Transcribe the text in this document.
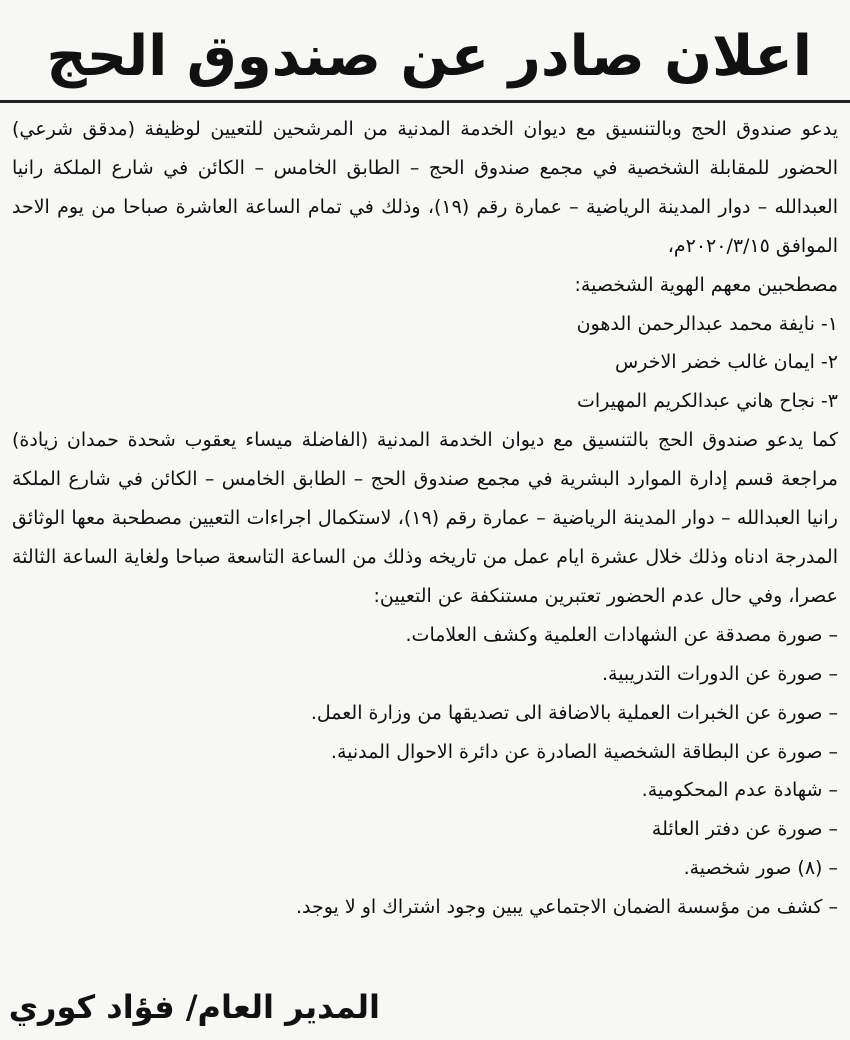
اعلان صادر عن صندوق الحج

يدعو صندوق الحج وبالتنسيق مع ديوان الخدمة المدنية من المرشحين للتعيين لوظيفة (مدقق شرعي) الحضور للمقابلة الشخصية في مجمع صندوق الحج – الطابق الخامس – الكائن في شارع الملكة رانيا العبدالله – دوار المدينة الرياضية – عمارة رقم (١٩)، وذلك في تمام الساعة العاشرة صباحا من يوم الاحد الموافق ٢٠٢٠/٣/١٥م،

مصطحبين معهم الهوية الشخصية:

١- نايفة محمد عبدالرحمن الدهون
٢- ايمان غالب خضر الاخرس
٣- نجاح هاني عبدالكريم المهيرات

كما يدعو صندوق الحج بالتنسيق مع ديوان الخدمة المدنية (الفاضلة ميساء يعقوب شحدة حمدان زيادة) مراجعة قسم إدارة الموارد البشرية في مجمع صندوق الحج – الطابق الخامس – الكائن في شارع الملكة رانيا العبدالله – دوار المدينة الرياضية – عمارة رقم (١٩)، لاستكمال اجراءات التعيين مصطحبة معها الوثائق المدرجة ادناه وذلك خلال عشرة ايام عمل من تاريخه وذلك من الساعة التاسعة صباحا ولغاية الساعة الثالثة عصرا، وفي حال عدم الحضور تعتبرين مستنكفة عن التعيين:

– صورة مصدقة عن الشهادات العلمية وكشف العلامات.
– صورة عن الدورات التدريبية.
– صورة عن الخبرات العملية بالاضافة الى تصديقها من وزارة العمل.
– صورة عن البطاقة الشخصية الصادرة عن دائرة الاحوال المدنية.
– شهادة عدم المحكومية.
– صورة عن دفتر العائلة
– (٨) صور شخصية.
– كشف من مؤسسة الضمان الاجتماعي يبين وجود اشتراك او لا يوجد.
المدير العام/ فؤاد كوري
